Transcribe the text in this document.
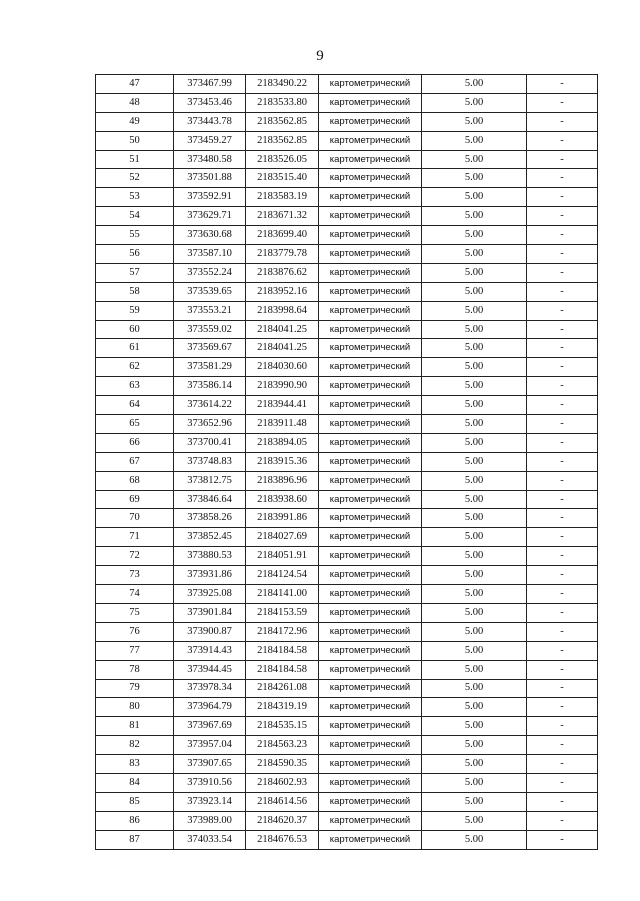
9
47	373467.99	2183490.22	картометрический	5.00	-
48	373453.46	2183533.80	картометрический	5.00	-
49	373443.78	2183562.85	картометрический	5.00	-
50	373459.27	2183562.85	картометрический	5.00	-
51	373480.58	2183526.05	картометрический	5.00	-
52	373501.88	2183515.40	картометрический	5.00	-
53	373592.91	2183583.19	картометрический	5.00	-
54	373629.71	2183671.32	картометрический	5.00	-
55	373630.68	2183699.40	картометрический	5.00	-
56	373587.10	2183779.78	картометрический	5.00	-
57	373552.24	2183876.62	картометрический	5.00	-
58	373539.65	2183952.16	картометрический	5.00	-
59	373553.21	2183998.64	картометрический	5.00	-
60	373559.02	2184041.25	картометрический	5.00	-
61	373569.67	2184041.25	картометрический	5.00	-
62	373581.29	2184030.60	картометрический	5.00	-
63	373586.14	2183990.90	картометрический	5.00	-
64	373614.22	2183944.41	картометрический	5.00	-
65	373652.96	2183911.48	картометрический	5.00	-
66	373700.41	2183894.05	картометрический	5.00	-
67	373748.83	2183915.36	картометрический	5.00	-
68	373812.75	2183896.96	картометрический	5.00	-
69	373846.64	2183938.60	картометрический	5.00	-
70	373858.26	2183991.86	картометрический	5.00	-
71	373852.45	2184027.69	картометрический	5.00	-
72	373880.53	2184051.91	картометрический	5.00	-
73	373931.86	2184124.54	картометрический	5.00	-
74	373925.08	2184141.00	картометрический	5.00	-
75	373901.84	2184153.59	картометрический	5.00	-
76	373900.87	2184172.96	картометрический	5.00	-
77	373914.43	2184184.58	картометрический	5.00	-
78	373944.45	2184184.58	картометрический	5.00	-
79	373978.34	2184261.08	картометрический	5.00	-
80	373964.79	2184319.19	картометрический	5.00	-
81	373967.69	2184535.15	картометрический	5.00	-
82	373957.04	2184563.23	картометрический	5.00	-
83	373907.65	2184590.35	картометрический	5.00	-
84	373910.56	2184602.93	картометрический	5.00	-
85	373923.14	2184614.56	картометрический	5.00	-
86	373989.00	2184620.37	картометрический	5.00	-
87	374033.54	2184676.53	картометрический	5.00	-
